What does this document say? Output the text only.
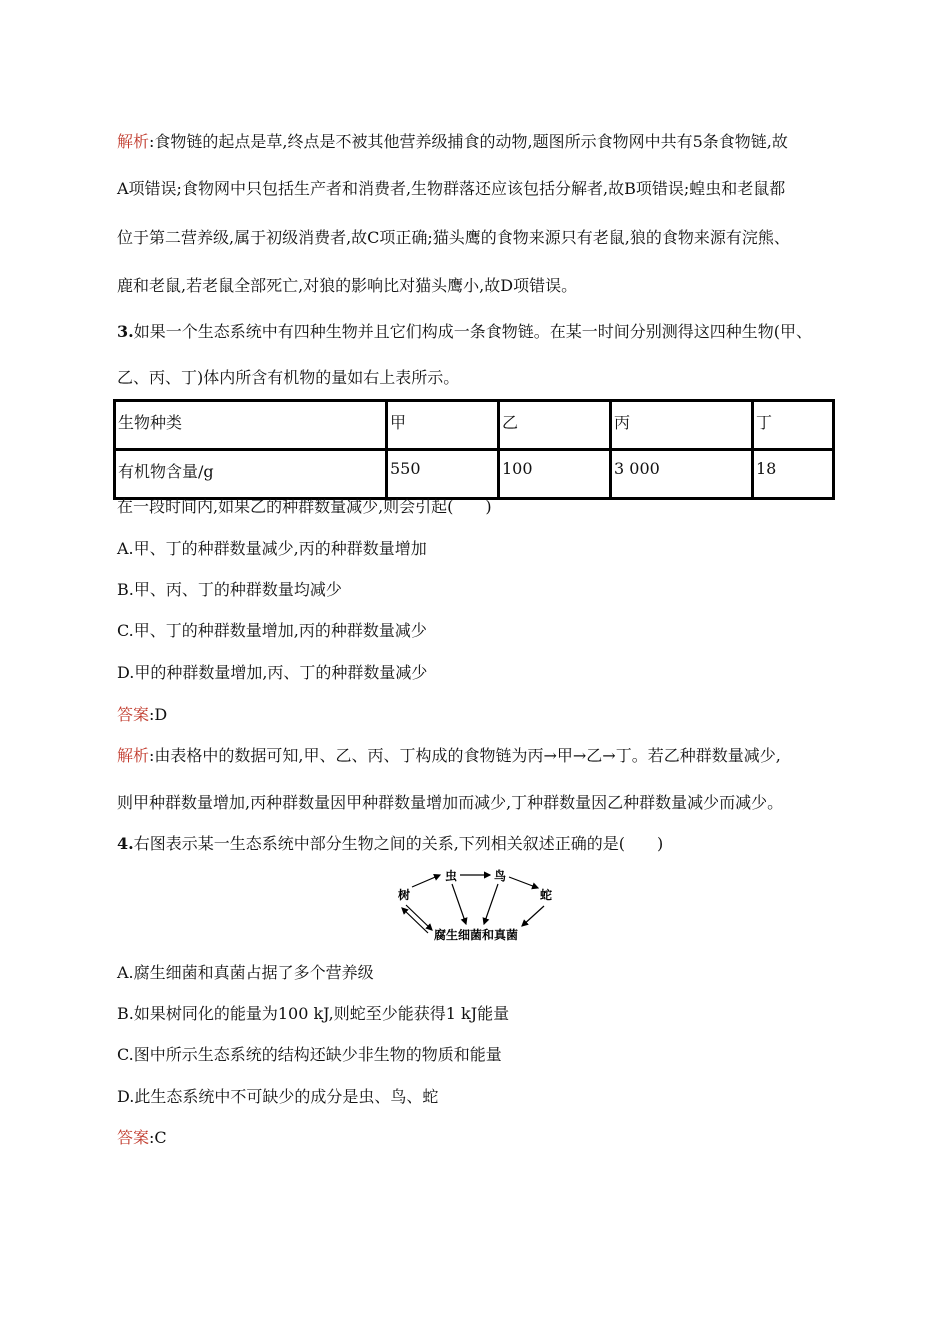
解析:食物链的起点是草,终点是不被其他营养级捕食的动物,题图所示食物网中共有5条食物链,故
A项错误;食物网中只包括生产者和消费者,生物群落还应该包括分解者,故B项错误;蝗虫和老鼠都
位于第二营养级,属于初级消费者,故C项正确;猫头鹰的食物来源只有老鼠,狼的食物来源有浣熊、
鹿和老鼠,若老鼠全部死亡,对狼的影响比对猫头鹰小,故D项错误。
3.如果一个生态系统中有四种生物并且它们构成一条食物链。在某一时间分别测得这四种生物(甲、
乙、丙、丁)体内所含有机物的量如右上表所示。
生物种类	甲	乙	丙	丁
有机物含量/g	550	100	3 000	18
在一段时间内,如果乙的种群数量减少,则会引起(　　)
A.甲、丁的种群数量减少,丙的种群数量增加
B.甲、丙、丁的种群数量均减少
C.甲、丁的种群数量增加,丙的种群数量减少
D.甲的种群数量增加,丙、丁的种群数量减少
答案:D
解析:由表格中的数据可知,甲、乙、丙、丁构成的食物链为丙→甲→乙→丁。若乙种群数量减少,
则甲种群数量增加,丙种群数量因甲种群数量增加而减少,丁种群数量因乙种群数量减少而减少。
4.右图表示某一生态系统中部分生物之间的关系,下列相关叙述正确的是(　　)
树
虫	鸟
蛇
腐生细菌和真菌
A.腐生细菌和真菌占据了多个营养级
B.如果树同化的能量为100 kJ,则蛇至少能获得1 kJ能量
C.图中所示生态系统的结构还缺少非生物的物质和能量
D.此生态系统中不可缺少的成分是虫、鸟、蛇
答案:C
